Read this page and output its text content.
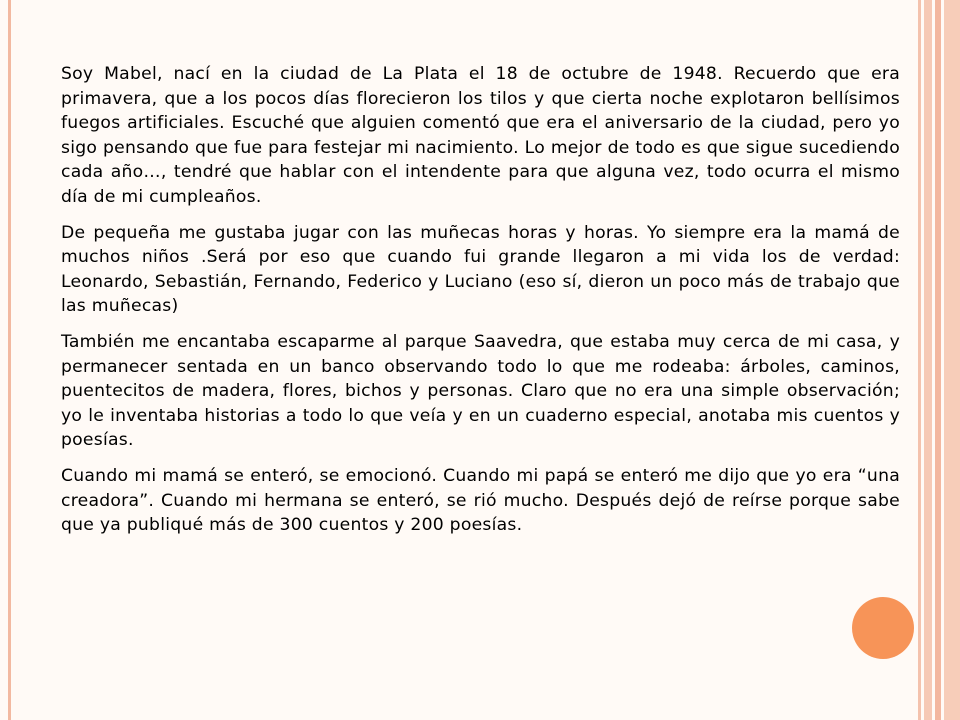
Soy Mabel, nací en la ciudad de La Plata el 18 de octubre de 1948. Recuerdo que era primavera, que a los pocos días florecieron los tilos y que cierta noche explotaron bellísimos fuegos artificiales. Escuché que alguien comentó que era el aniversario de la ciudad, pero yo sigo pensando que fue para festejar mi nacimiento. Lo mejor de todo es que sigue sucediendo cada año…, tendré que hablar con el intendente para que alguna vez, todo ocurra el mismo día de mi cumpleaños.

De pequeña me gustaba jugar con las muñecas horas y horas. Yo siempre era la mamá de muchos niños .Será por eso que cuando fui grande llegaron a mi vida los de verdad: Leonardo, Sebastián, Fernando, Federico y Luciano (eso sí, dieron un poco más de trabajo que las muñecas)

También me encantaba escaparme al parque Saavedra, que estaba muy cerca de mi casa, y permanecer sentada en un banco observando todo lo que me rodeaba: árboles, caminos, puentecitos de madera, flores, bichos y personas. Claro que no era una simple observación; yo le inventaba historias a todo lo que veía y en un cuaderno especial, anotaba mis cuentos y poesías.

Cuando mi mamá se enteró, se emocionó. Cuando mi papá se enteró me dijo que yo era “una creadora”. Cuando mi hermana se enteró, se rió mucho. Después dejó de reírse porque sabe que ya publiqué más de 300 cuentos y 200 poesías.
